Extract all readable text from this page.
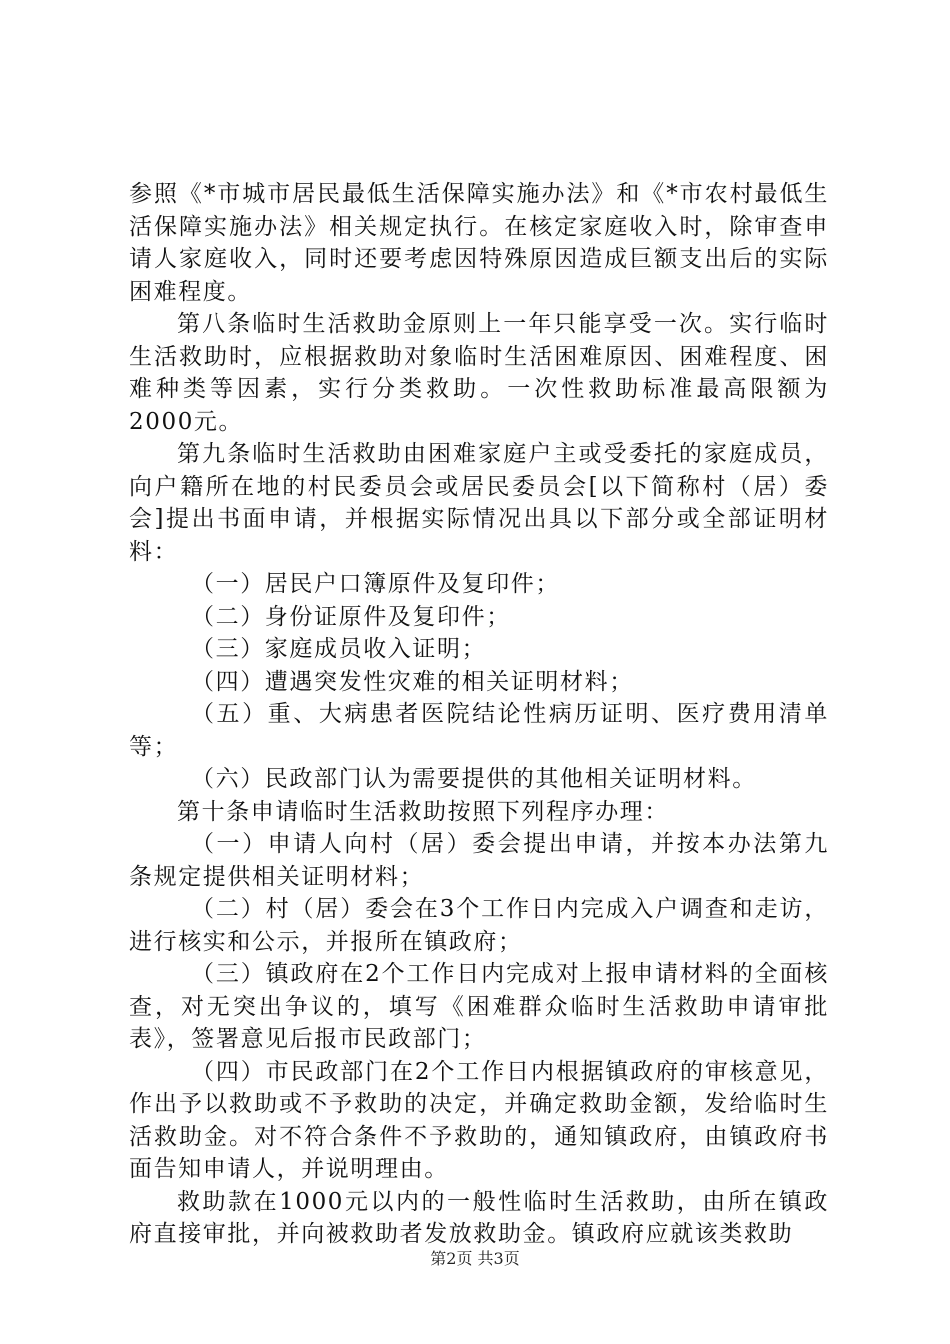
参照《*市城市居民最低生活保障实施办法》和《*市农村最低生活保障实施办法》相关规定执行。在核定家庭收入时，除审查申请人家庭收入，同时还要考虑因特殊原因造成巨额支出后的实际困难程度。

第八条临时生活救助金原则上一年只能享受一次。实行临时生活救助时，应根据救助对象临时生活困难原因、困难程度、困难种类等因素，实行分类救助。一次性救助标准最高限额为2000元。

第九条临时生活救助由困难家庭户主或受委托的家庭成员，向户籍所在地的村民委员会或居民委员会[以下简称村（居）委会]提出书面申请，并根据实际情况出具以下部分或全部证明材料：

（一）居民户口簿原件及复印件；

（二）身份证原件及复印件；

（三）家庭成员收入证明；

（四）遭遇突发性灾难的相关证明材料；

（五）重、大病患者医院结论性病历证明、医疗费用清单等；

（六）民政部门认为需要提供的其他相关证明材料。

第十条申请临时生活救助按照下列程序办理：

（一）申请人向村（居）委会提出申请，并按本办法第九条规定提供相关证明材料；

（二）村（居）委会在3个工作日内完成入户调查和走访，进行核实和公示，并报所在镇政府；

（三）镇政府在2个工作日内完成对上报申请材料的全面核查，对无突出争议的，填写《困难群众临时生活救助申请审批表》，签署意见后报市民政部门；

（四）市民政部门在2个工作日内根据镇政府的审核意见，作出予以救助或不予救助的决定，并确定救助金额，发给临时生活救助金。对不符合条件不予救助的，通知镇政府，由镇政府书面告知申请人，并说明理由。

救助款在1000元以内的一般性临时生活救助，由所在镇政府直接审批，并向被救助者发放救助金。镇政府应就该类救助

第2页 共3页
